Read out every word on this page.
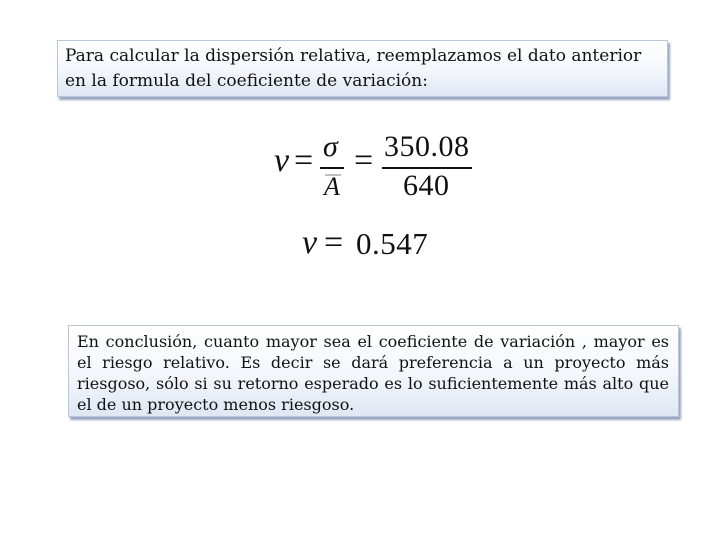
Para calcular la dispersión relativa, reemplazamos el dato anterior
en la formula del coeficiente de variación:
v = σ
A
= 350.08
640
v = 0.547
En conclusión, cuanto mayor sea el coeficiente de variación , mayor es
el riesgo relativo. Es decir se dará preferencia a un proyecto más
riesgoso, sólo si su retorno esperado es lo suficientemente más alto que
el de un proyecto menos riesgoso.
